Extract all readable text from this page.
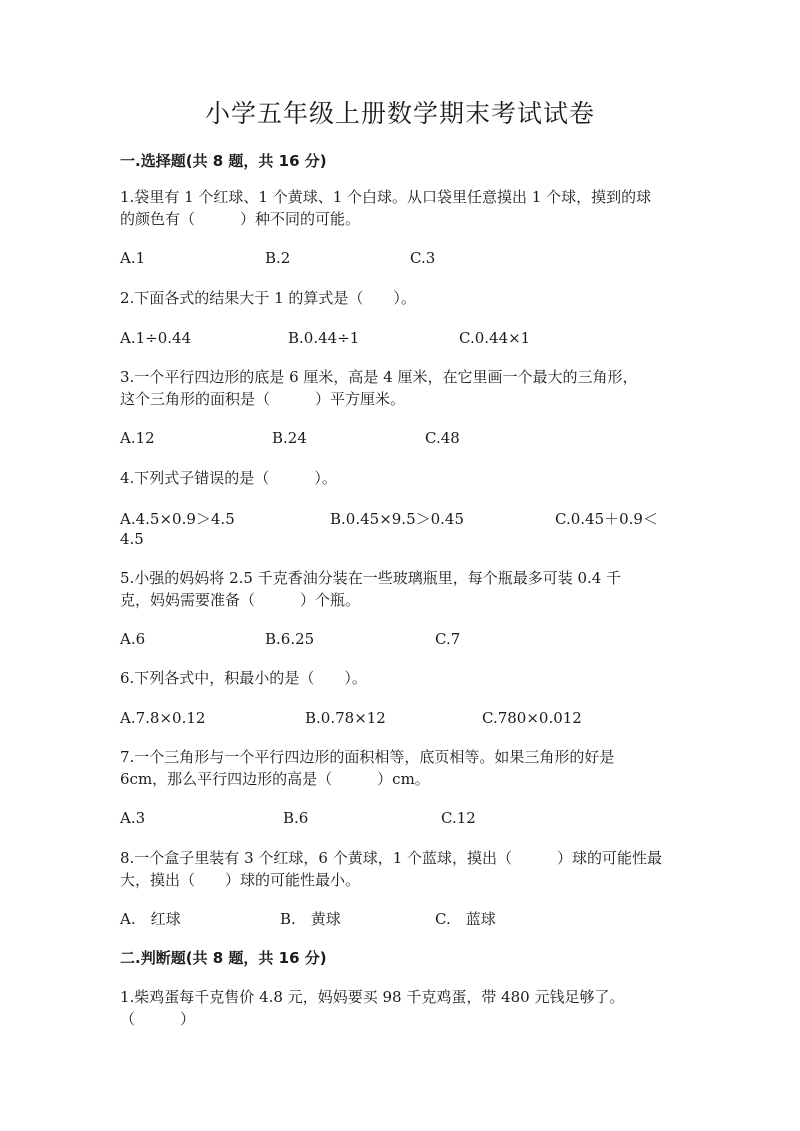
小学五年级上册数学期末考试试卷
一.选择题(共 8 题，共 16 分)
1.袋里有 1 个红球、1 个黄球、1 个白球。从口袋里任意摸出 1 个球，摸到的球
的颜色有（　　　）种不同的可能。
A.1	B.2	C.3
2.下面各式的结果大于 1 的算式是（　　）。
A.1÷0.44	B.0.44÷1	C.0.44×1
3.一个平行四边形的底是 6 厘米，高是 4 厘米，在它里画一个最大的三角形，
这个三角形的面积是（　　　）平方厘米。
A.12	B.24	C.48
4.下列式子错误的是（　　　）。
A.4.5×0.9＞4.5	B.0.45×9.5＞0.45	C.0.45＋0.9＜
4.5
5.小强的妈妈将 2.5 千克香油分装在一些玻璃瓶里，每个瓶最多可装 0.4 千
克，妈妈需要准备（　　　）个瓶。
A.6	B.6.25	C.7
6.下列各式中，积最小的是（　　）。
A.7.8×0.12	B.0.78×12	C.780×0.012
7.一个三角形与一个平行四边形的面积相等，底页相等。如果三角形的好是
6cm，那么平行四边形的高是（　　　）cm。
A.3	B.6	C.12
8.一个盒子里装有 3 个红球，6 个黄球，1 个蓝球，摸出（　　　）球的可能性最
大，摸出（　　）球的可能性最小。
A.　红球	B.　黄球	C.　蓝球
二.判断题(共 8 题，共 16 分)
1.柴鸡蛋每千克售价 4.8 元，妈妈要买 98 千克鸡蛋，带 480 元钱足够了。
（　　　）
